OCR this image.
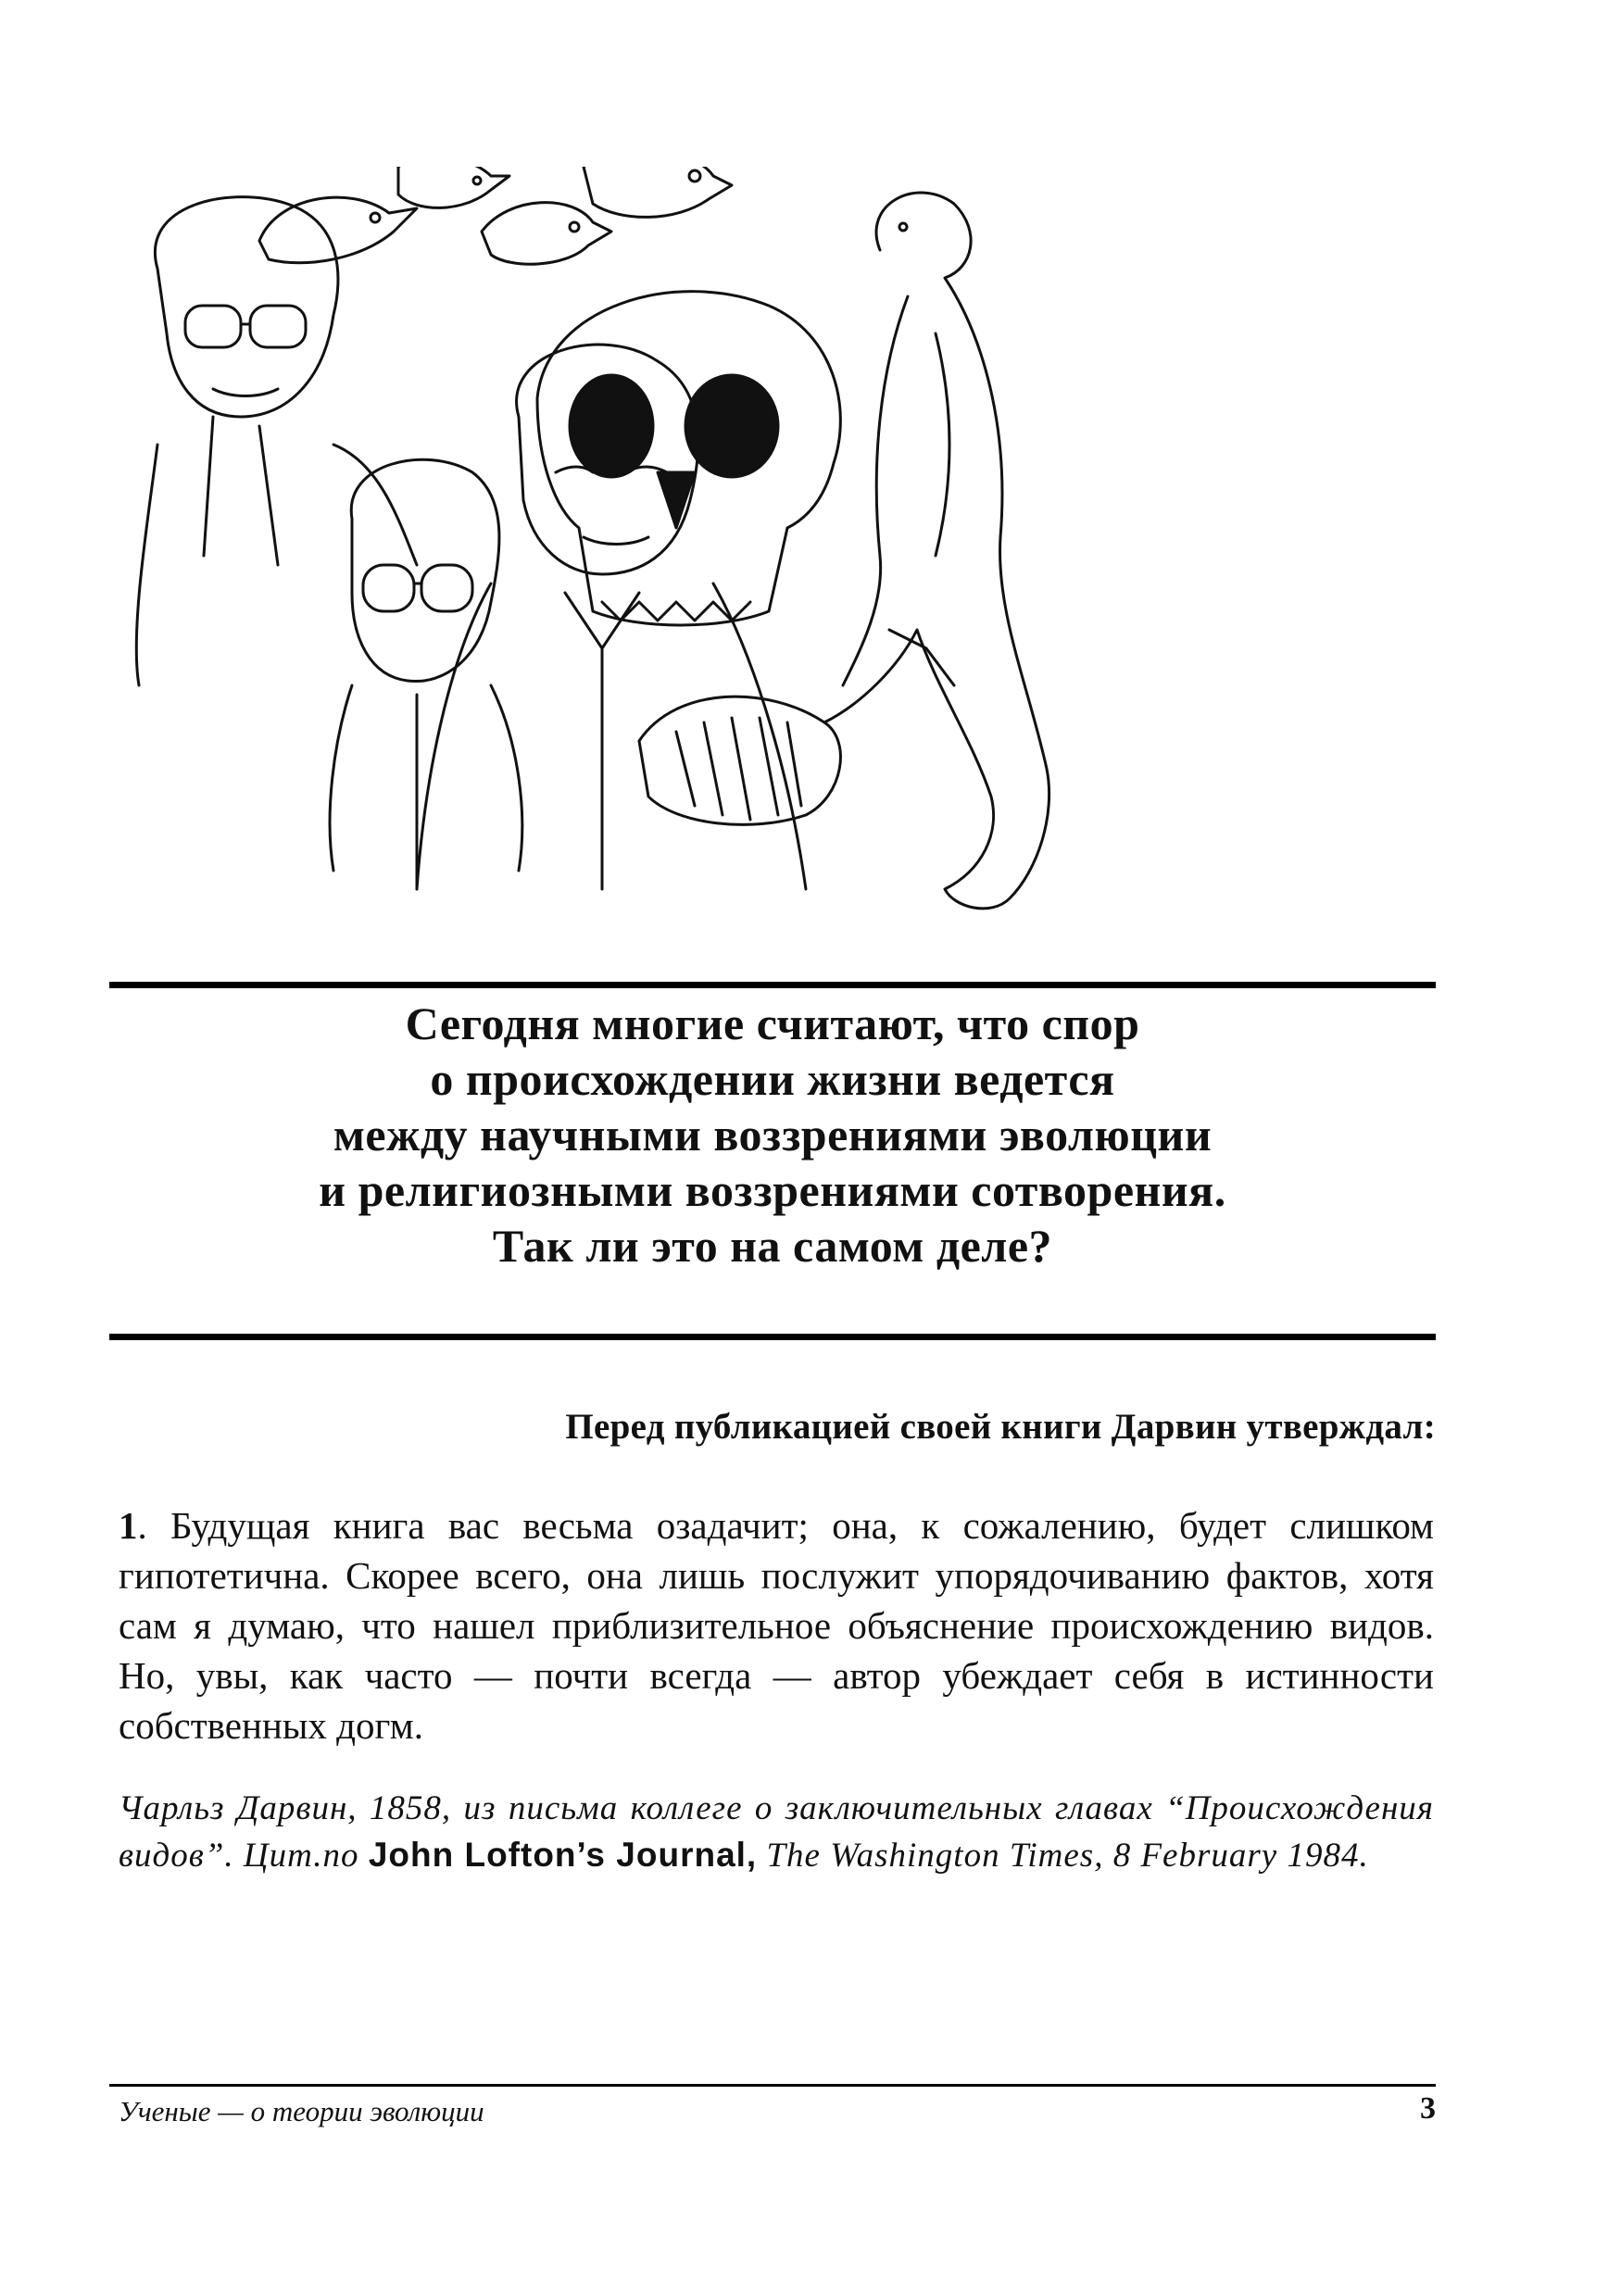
Сегодня многие считают, что спор
о происхождении жизни ведется
между научными воззрениями эволюции
и религиозными воззрениями сотворения.
Так ли это на самом деле?
Перед публикацией своей книги Дарвин утверждал:
1. Будущая книга вас весьма озадачит; она, к сожалению, будет слишком гипотетична. Скорее всего, она лишь послужит упорядочиванию фактов, хотя сам я думаю, что нашел приблизительное объяснение происхождению видов. Но, увы, как часто — почти всегда — автор убеждает себя в истинности собственных догм.
Чарльз Дарвин, 1858, из письма коллеге о заключительных главах “Происхождения видов”. Цит.по John Lofton’s Journal, The Washington Times, 8 February 1984.
Ученые — о теории эволюции	3
